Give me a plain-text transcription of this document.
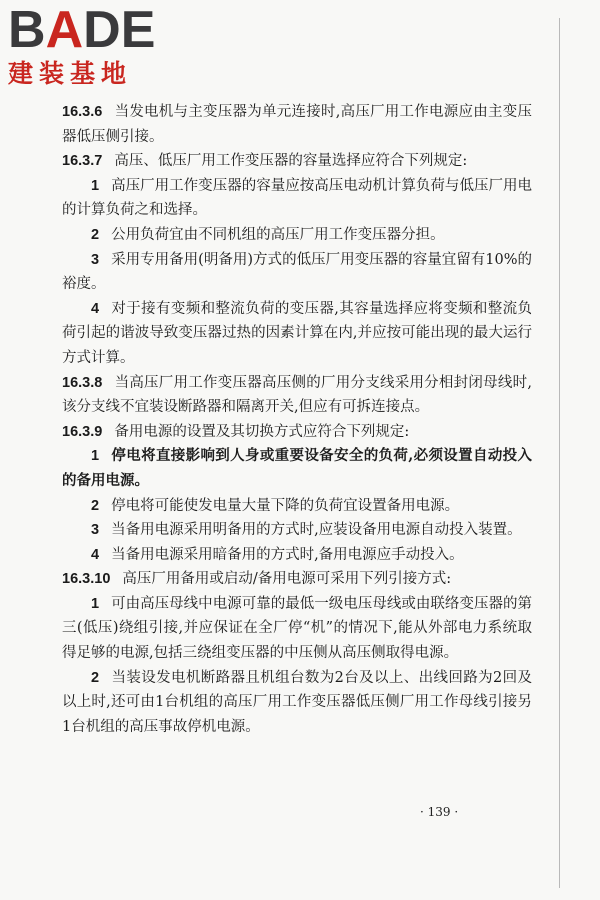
BADE
建装基地

16.3.6 当发电机与主变压器为单元连接时,高压厂用工作电源应由主变压器低压侧引接。

16.3.7 高压、低压厂用工作变压器的容量选择应符合下列规定:

1 高压厂用工作变压器的容量应按高压电动机计算负荷与低压厂用电的计算负荷之和选择。

2 公用负荷宜由不同机组的高压厂用工作变压器分担。

3 采用专用备用(明备用)方式的低压厂用变压器的容量宜留有10%的裕度。

4 对于接有变频和整流负荷的变压器,其容量选择应将变频和整流负荷引起的谐波导致变压器过热的因素计算在内,并应按可能出现的最大运行方式计算。

16.3.8 当高压厂用工作变压器高压侧的厂用分支线采用分相封闭母线时,该分支线不宜装设断路器和隔离开关,但应有可拆连接点。

16.3.9 备用电源的设置及其切换方式应符合下列规定:

1 停电将直接影响到人身或重要设备安全的负荷,必须设置自动投入的备用电源。

2 停电将可能使发电量大量下降的负荷宜设置备用电源。

3 当备用电源采用明备用的方式时,应装设备用电源自动投入装置。

4 当备用电源采用暗备用的方式时,备用电源应手动投入。

16.3.10 高压厂用备用或启动/备用电源可采用下列引接方式:

1 可由高压母线中电源可靠的最低一级电压母线或由联络变压器的第三(低压)绕组引接,并应保证在全厂停“机”的情况下,能从外部电力系统取得足够的电源,包括三绕组变压器的中压侧从高压侧取得电源。

2 当装设发电机断路器且机组台数为2台及以上、出线回路为2回及以上时,还可由1台机组的高压厂用工作变压器低压侧厂用工作母线引接另1台机组的高压事故停机电源。

· 139 ·
